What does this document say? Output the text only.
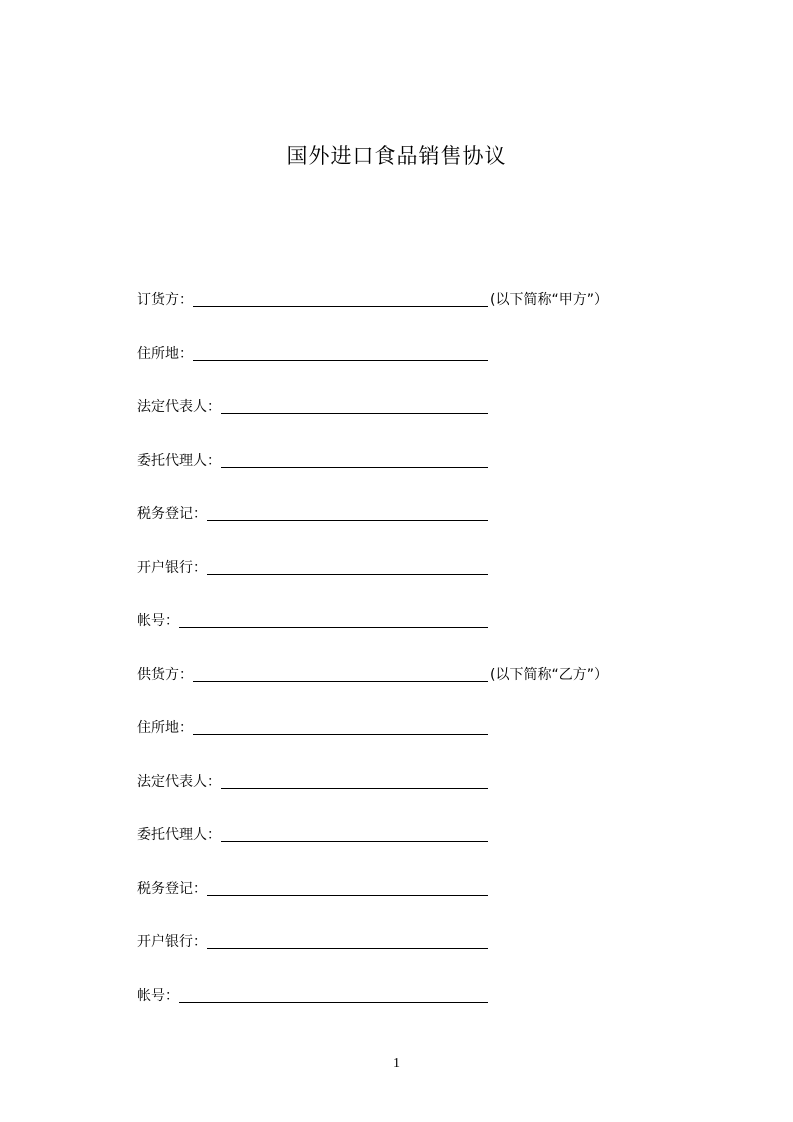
国外进口食品销售协议
订货方：	(以下简称“甲方”）
住所地：
法定代表人：
委托代理人：
税务登记：
开户银行：
帐号：
供货方：	(以下简称“乙方”）
住所地：
法定代表人：
委托代理人：
税务登记：
开户银行：
帐号：
1
